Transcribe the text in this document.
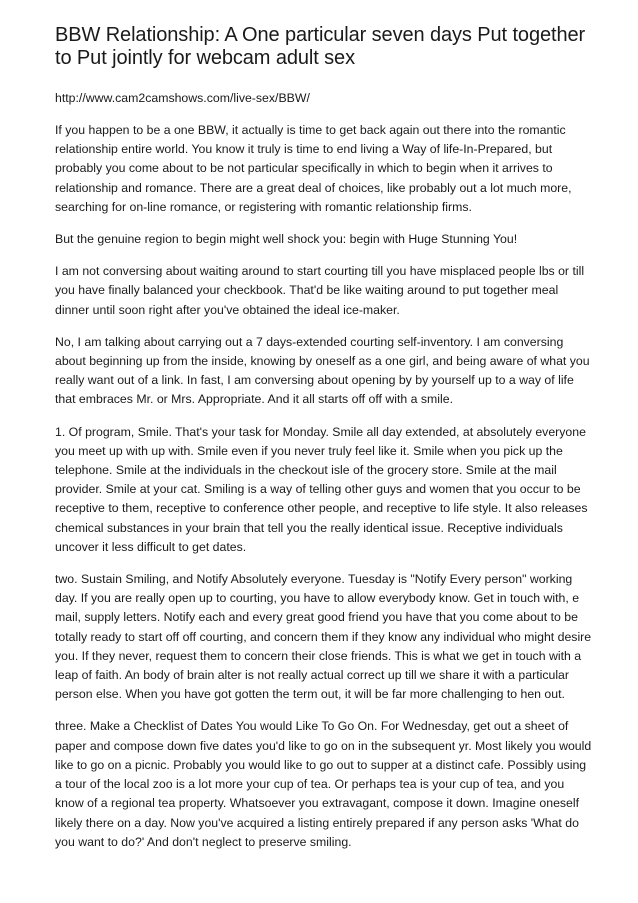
BBW Relationship: A One particular seven days Put together to Put jointly for webcam adult sex
http://www.cam2camshows.com/live-sex/BBW/

If you happen to be a one BBW, it actually is time to get back again out there into the romantic relationship entire world. You know it truly is time to end living a Way of life-In-Prepared, but probably you come about to be not particular specifically in which to begin when it arrives to relationship and romance. There are a great deal of choices, like probably out a lot much more, searching for on-line romance, or registering with romantic relationship firms.

But the genuine region to begin might well shock you: begin with Huge Stunning You!

I am not conversing about waiting around to start courting till you have misplaced people lbs or till you have finally balanced your checkbook. That'd be like waiting around to put together meal dinner until soon right after you've obtained the ideal ice-maker.

No, I am talking about carrying out a 7 days-extended courting self-inventory. I am conversing about beginning up from the inside, knowing by oneself as a one girl, and being aware of what you really want out of a link. In fast, I am conversing about opening by by yourself up to a way of life that embraces Mr. or Mrs. Appropriate. And it all starts off off with a smile.

1. Of program, Smile. That's your task for Monday. Smile all day extended, at absolutely everyone you meet up with up with. Smile even if you never truly feel like it. Smile when you pick up the telephone. Smile at the individuals in the checkout isle of the grocery store. Smile at the mail provider. Smile at your cat. Smiling is a way of telling other guys and women that you occur to be receptive to them, receptive to conference other people, and receptive to life style. It also releases chemical substances in your brain that tell you the really identical issue. Receptive individuals uncover it less difficult to get dates.

two. Sustain Smiling, and Notify Absolutely everyone. Tuesday is "Notify Every person" working day. If you are really open up to courting, you have to allow everybody know. Get in touch with, e mail, supply letters. Notify each and every great good friend you have that you come about to be totally ready to start off off courting, and concern them if they know any individual who might desire you. If they never, request them to concern their close friends. This is what we get in touch with a leap of faith. An body of brain alter is not really actual correct up till we share it with a particular person else. When you have got gotten the term out, it will be far more challenging to hen out.

three. Make a Checklist of Dates You would Like To Go On. For Wednesday, get out a sheet of paper and compose down five dates you'd like to go on in the subsequent yr. Most likely you would like to go on a picnic. Probably you would like to go out to supper at a distinct cafe. Possibly using a tour of the local zoo is a lot more your cup of tea. Or perhaps tea is your cup of tea, and you know of a regional tea property. Whatsoever you extravagant, compose it down. Imagine oneself likely there on a day. Now you've acquired a listing entirely prepared if any person asks 'What do you want to do?' And don't neglect to preserve smiling.
